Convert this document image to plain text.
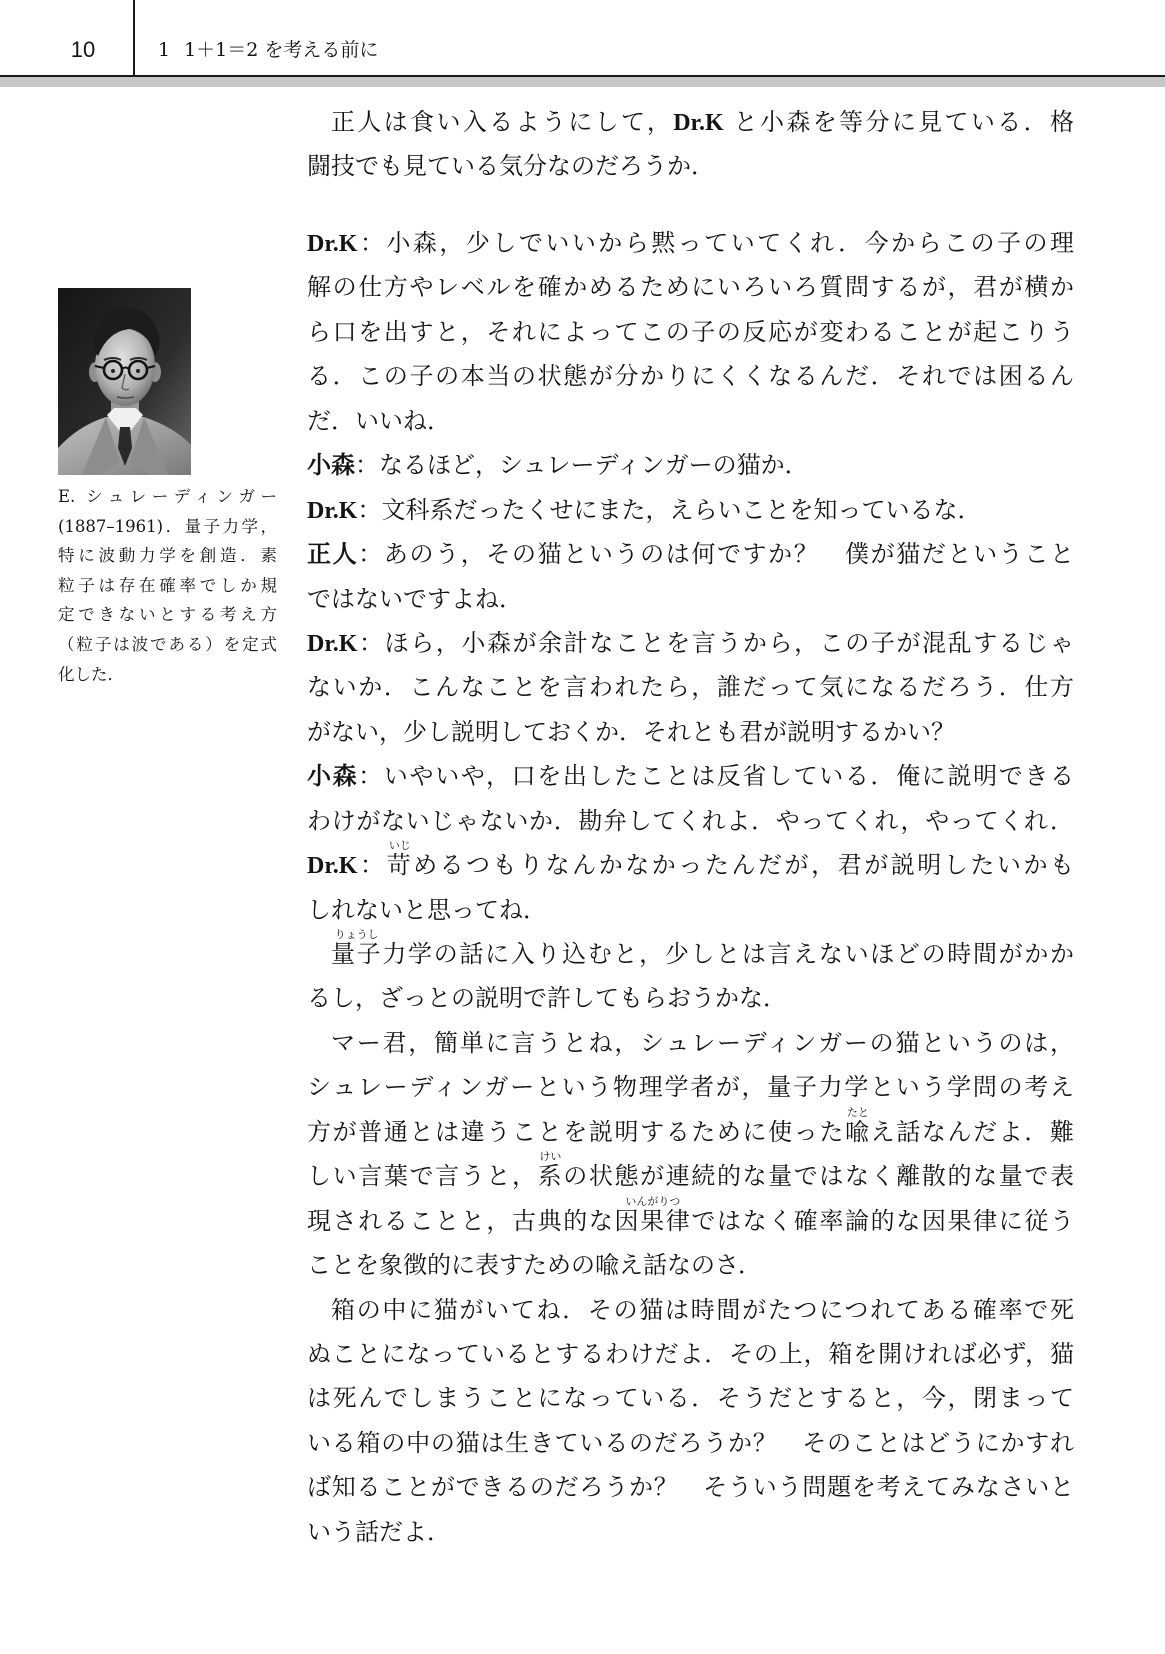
10	1 1＋1＝2 を考える前に
E. シュレーディンガー
(1887–1961)．量子力学，
特に波動力学を創造．素
粒子は存在確率でしか規
定できないとする考え方
（粒子は波である）を定式
化した．
正人は食い入るようにして，Dr.K と小森を等分に見ている．格
闘技でも見ている気分なのだろうか．
Dr.K：小森，少しでいいから黙っていてくれ．今からこの子の理
解の仕方やレベルを確かめるためにいろいろ質問するが，君が横か
ら口を出すと，それによってこの子の反応が変わることが起こりう
る．この子の本当の状態が分かりにくくなるんだ．それでは困るん
だ．いいね．
小森：なるほど，シュレーディンガーの猫か．
Dr.K：文科系だったくせにまた，えらいことを知っているな．
正人：あのう，その猫というのは何ですか？　僕が猫だということ
ではないですよね．
Dr.K：ほら，小森が余計なことを言うから，この子が混乱するじゃ
ないか．こんなことを言われたら，誰だって気になるだろう．仕方
がない，少し説明しておくか．それとも君が説明するかい？
小森：いやいや，口を出したことは反省している．俺に説明できる
わけがないじゃないか．勘弁してくれよ．やってくれ，やってくれ．
Dr.K：
いじ
苛めるつもりなんかなかったんだが，君が説明したいかも
しれないと思ってね．
りょうし
量子力学の話に入り込むと，少しとは言えないほどの時間がかか
るし，ざっとの説明で許してもらおうかな．
マー君，簡単に言うとね，シュレーディンガーの猫というのは，
シュレーディンガーという物理学者が，量子力学という学問の考え
方が普通とは違うことを説明するために使った
たと
喩え話なんだよ．難
しい言葉で言うと，
けい
系の状態が連続的な量ではなく離散的な量で表
現されることと，古典的な
いんがりつ
因果律ではなく確率論的な因果律に従う
ことを象徴的に表すための喩え話なのさ．
箱の中に猫がいてね．その猫は時間がたつにつれてある確率で死
ぬことになっているとするわけだよ．その上，箱を開ければ必ず，猫
は死んでしまうことになっている．そうだとすると，今，閉まって
いる箱の中の猫は生きているのだろうか？　そのことはどうにかすれ
ば知ることができるのだろうか？　そういう問題を考えてみなさいと
いう話だよ．
